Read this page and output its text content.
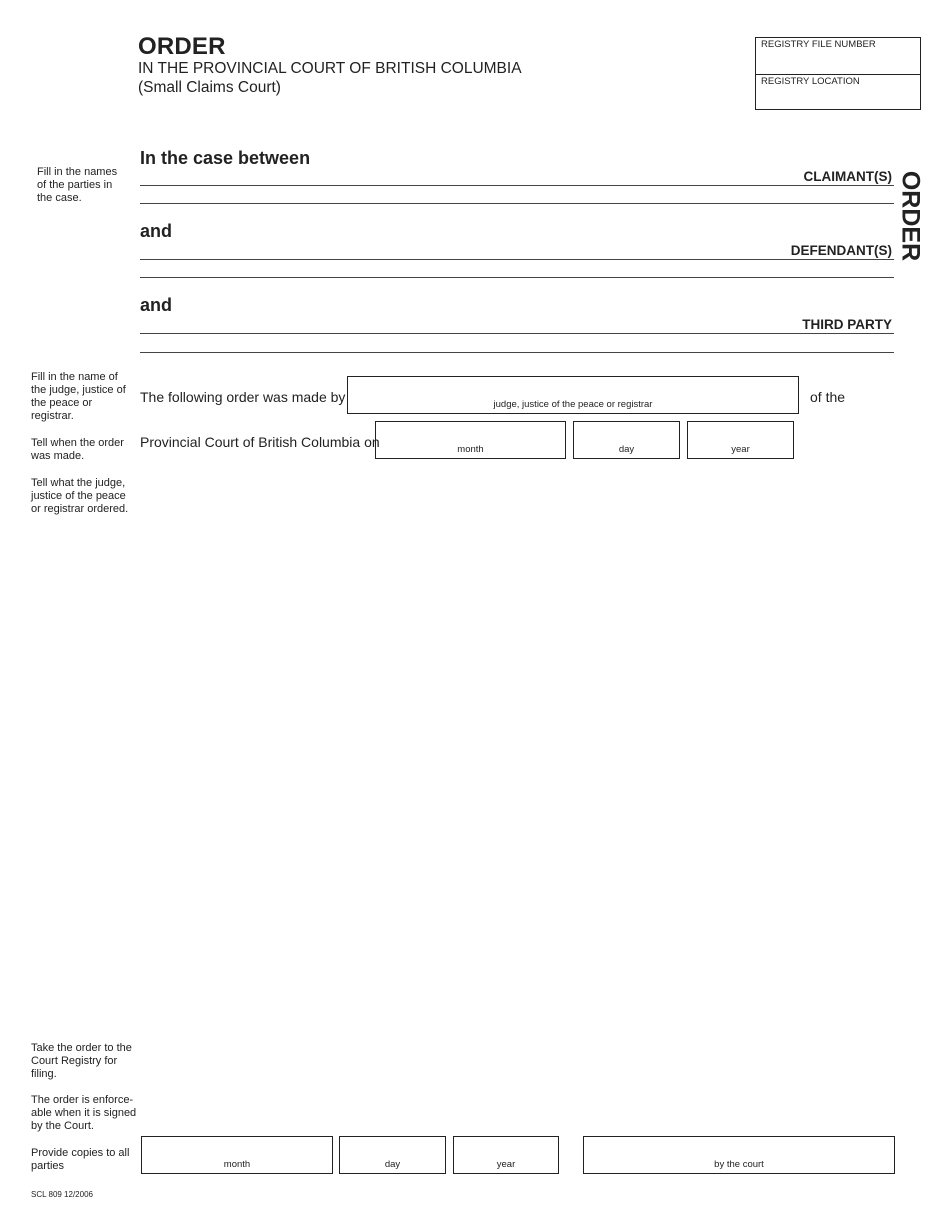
ORDER
IN THE PROVINCIAL COURT OF BRITISH COLUMBIA
(Small Claims Court)
REGISTRY FILE NUMBER
REGISTRY LOCATION
ORDER
Fill in the names of the parties in the case.
Fill in the name of the judge, justice of the peace or registrar.
Tell when the order was made.
Tell what the judge, justice of the peace or registrar ordered.
Take the order to the Court Registry for filing.
The order is enforce- able when it is signed by the Court.
Provide copies to all parties
In the case between
CLAIMANT(S)
and
DEFENDANT(S)
and
THIRD PARTY
The following order was made by	judge, justice of the peace or registrar	of the
Provincial Court of British Columbia on	month	day	year
month	day	year	by the court
SCL 809 12/2006
